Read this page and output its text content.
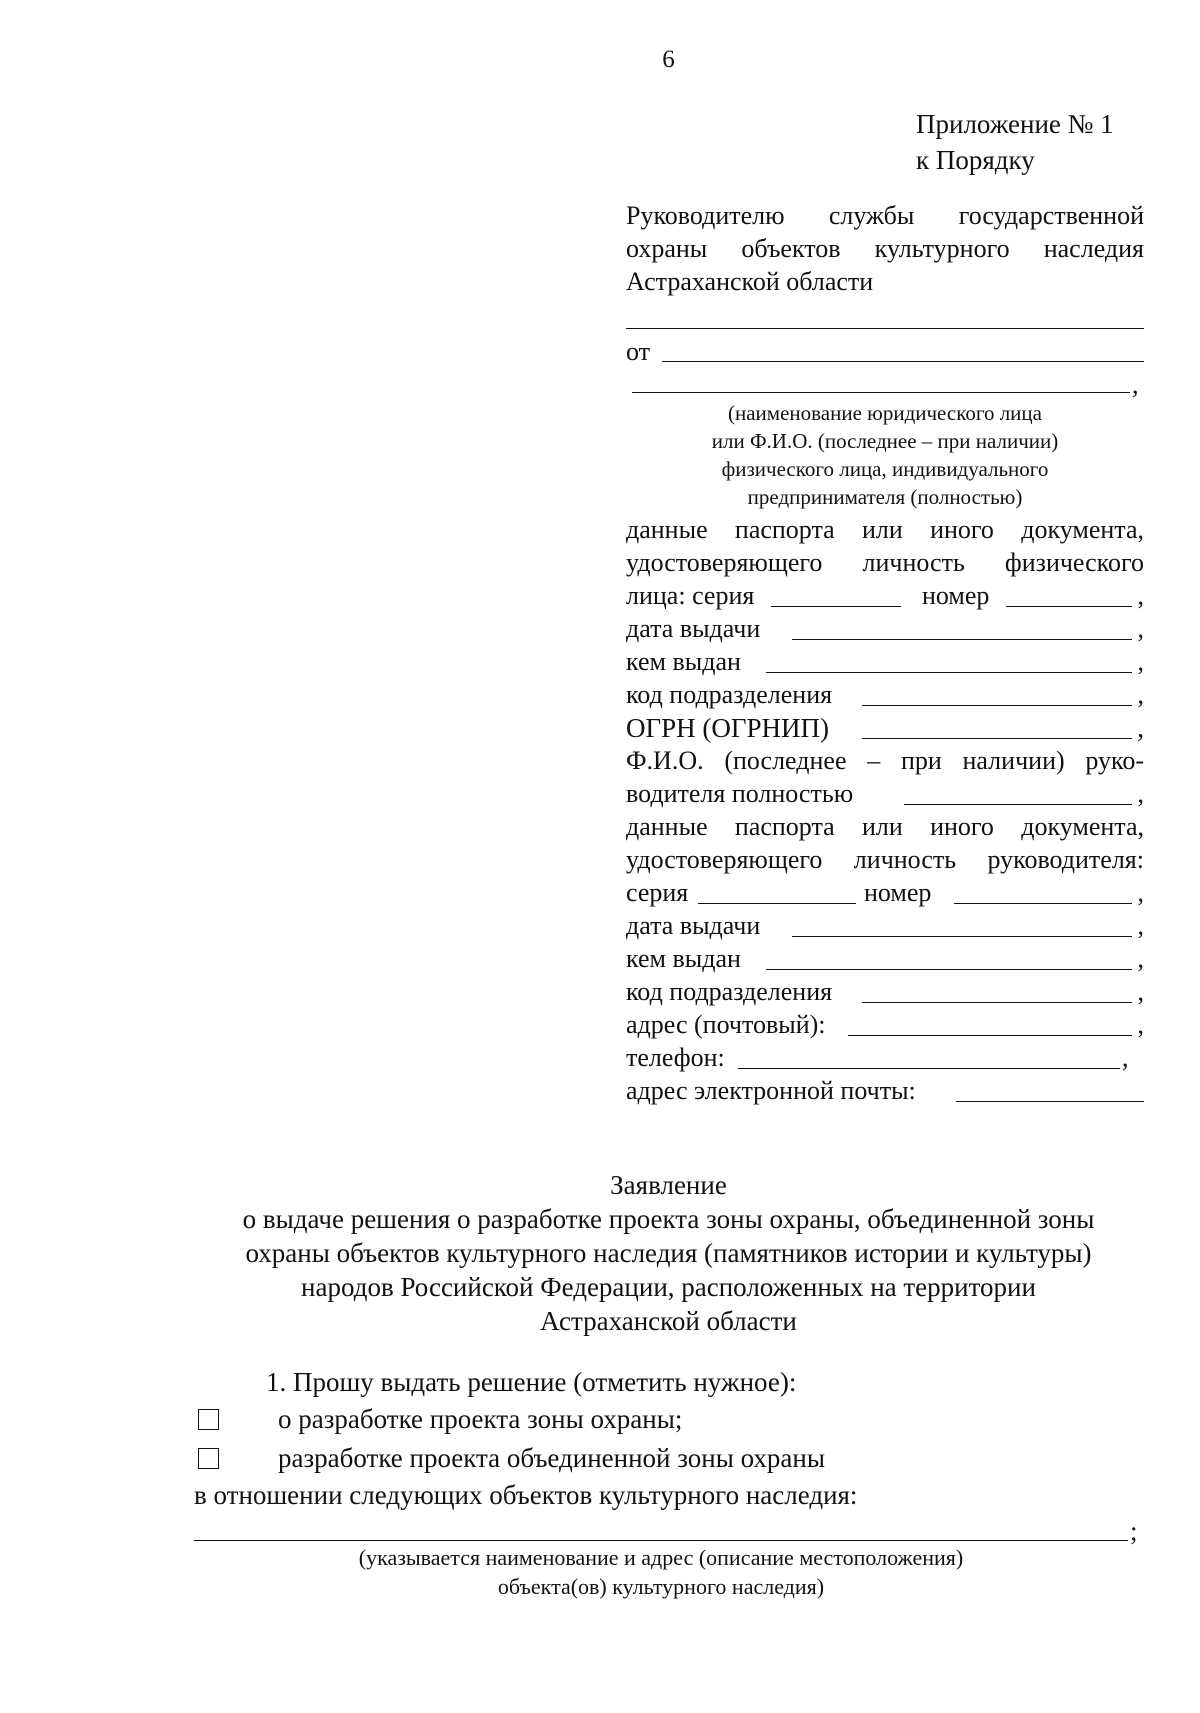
6
Приложение № 1
к Порядку
Руководителю службы государственной
охраны объектов культурного наследия
Астраханской области
от
,
(наименование юридического лица
или Ф.И.О. (последнее – при наличии)
физического лица, индивидуального
предпринимателя (полностью)
данные паспорта или иного документа,
удостоверяющего личность физического
лица: серия	номер	,
дата выдачи	,
кем выдан	,
код подразделения	,
ОГРН (ОГРНИП)	,
Ф.И.О. (последнее – при наличии) руко-
водителя полностью	,
данные паспорта или иного документа,
удостоверяющего личность руководителя:
серия	номер	,
дата выдачи	,
кем выдан	,
код подразделения	,
адрес (почтовый):	,
телефон:	,
адрес электронной почты:
Заявление
о выдаче решения о разработке проекта зоны охраны, объединенной зоны
охраны объектов культурного наследия (памятников истории и культуры)
народов Российской Федерации, расположенных на территории
Астраханской области
1. Прошу выдать решение (отметить нужное):
о разработке проекта зоны охраны;
разработке проекта объединенной зоны охраны
в отношении следующих объектов культурного наследия:
;
(указывается наименование и адрес (описание местоположения)
объекта(ов) культурного наследия)
